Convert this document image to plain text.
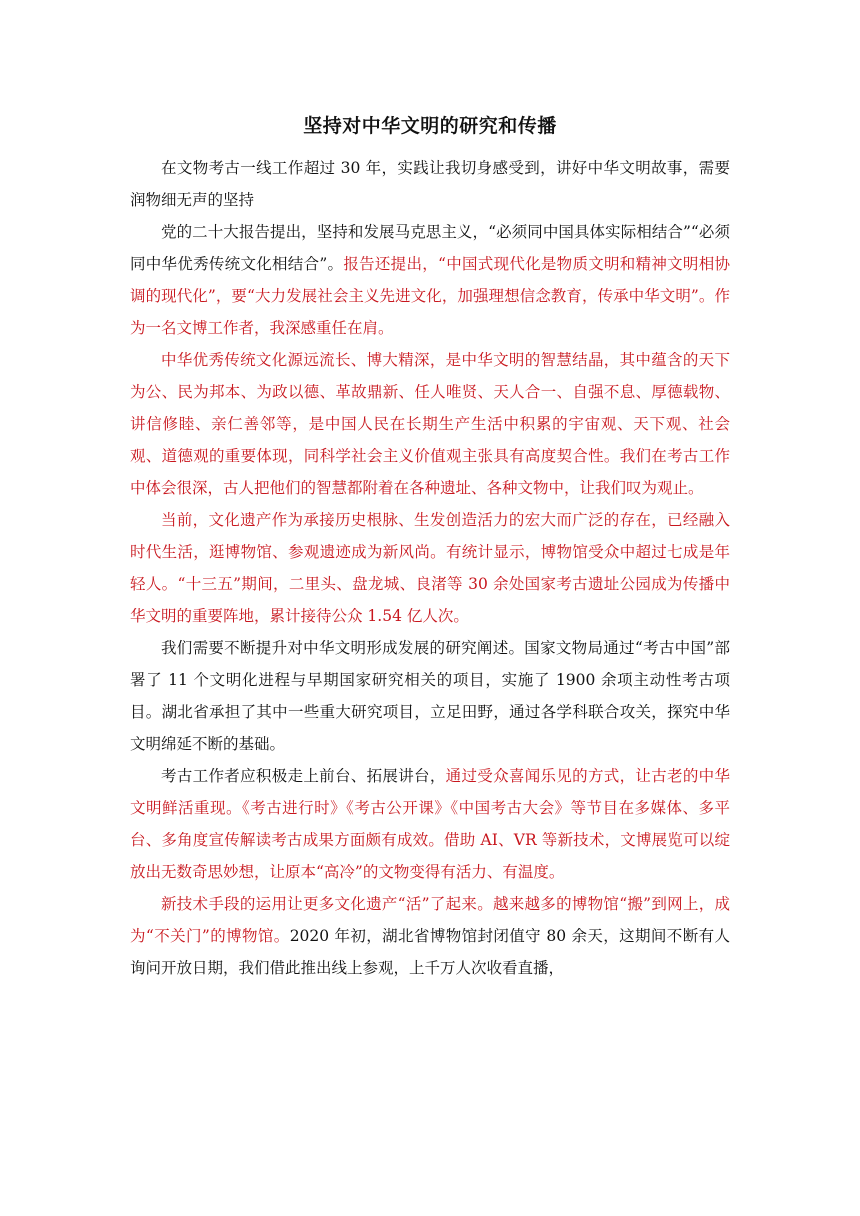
坚持对中华文明的研究和传播

在文物考古一线工作超过 30 年，实践让我切身感受到，讲好中华文明故事，需要润物细无声的坚持

党的二十大报告提出，坚持和发展马克思主义，“必须同中国具体实际相结合”“必须同中华优秀传统文化相结合”。报告还提出，“中国式现代化是物质文明和精神文明相协调的现代化”，要“大力发展社会主义先进文化，加强理想信念教育，传承中华文明”。作为一名文博工作者，我深感重任在肩。

中华优秀传统文化源远流长、博大精深，是中华文明的智慧结晶，其中蕴含的天下为公、民为邦本、为政以德、革故鼎新、任人唯贤、天人合一、自强不息、厚德载物、讲信修睦、亲仁善邻等，是中国人民在长期生产生活中积累的宇宙观、天下观、社会观、道德观的重要体现，同科学社会主义价值观主张具有高度契合性。我们在考古工作中体会很深，古人把他们的智慧都附着在各种遗址、各种文物中，让我们叹为观止。

当前，文化遗产作为承接历史根脉、生发创造活力的宏大而广泛的存在，已经融入时代生活，逛博物馆、参观遗迹成为新风尚。有统计显示，博物馆受众中超过七成是年轻人。“十三五”期间，二里头、盘龙城、良渚等 30 余处国家考古遗址公园成为传播中华文明的重要阵地，累计接待公众 1.54 亿人次。

我们需要不断提升对中华文明形成发展的研究阐述。国家文物局通过“考古中国”部署了 11 个文明化进程与早期国家研究相关的项目，实施了 1900 余项主动性考古项目。湖北省承担了其中一些重大研究项目，立足田野，通过各学科联合攻关，探究中华文明绵延不断的基础。

考古工作者应积极走上前台、拓展讲台，通过受众喜闻乐见的方式，让古老的中华文明鲜活重现。《考古进行时》《考古公开课》《中国考古大会》等节目在多媒体、多平台、多角度宣传解读考古成果方面颇有成效。借助 AI、VR 等新技术，文博展览可以绽放出无数奇思妙想，让原本“高冷”的文物变得有活力、有温度。

新技术手段的运用让更多文化遗产“活”了起来。越来越多的博物馆“搬”到网上，成为“不关门”的博物馆。2020 年初，湖北省博物馆封闭值守 80 余天，这期间不断有人询问开放日期，我们借此推出线上参观，上千万人次收看直播，
